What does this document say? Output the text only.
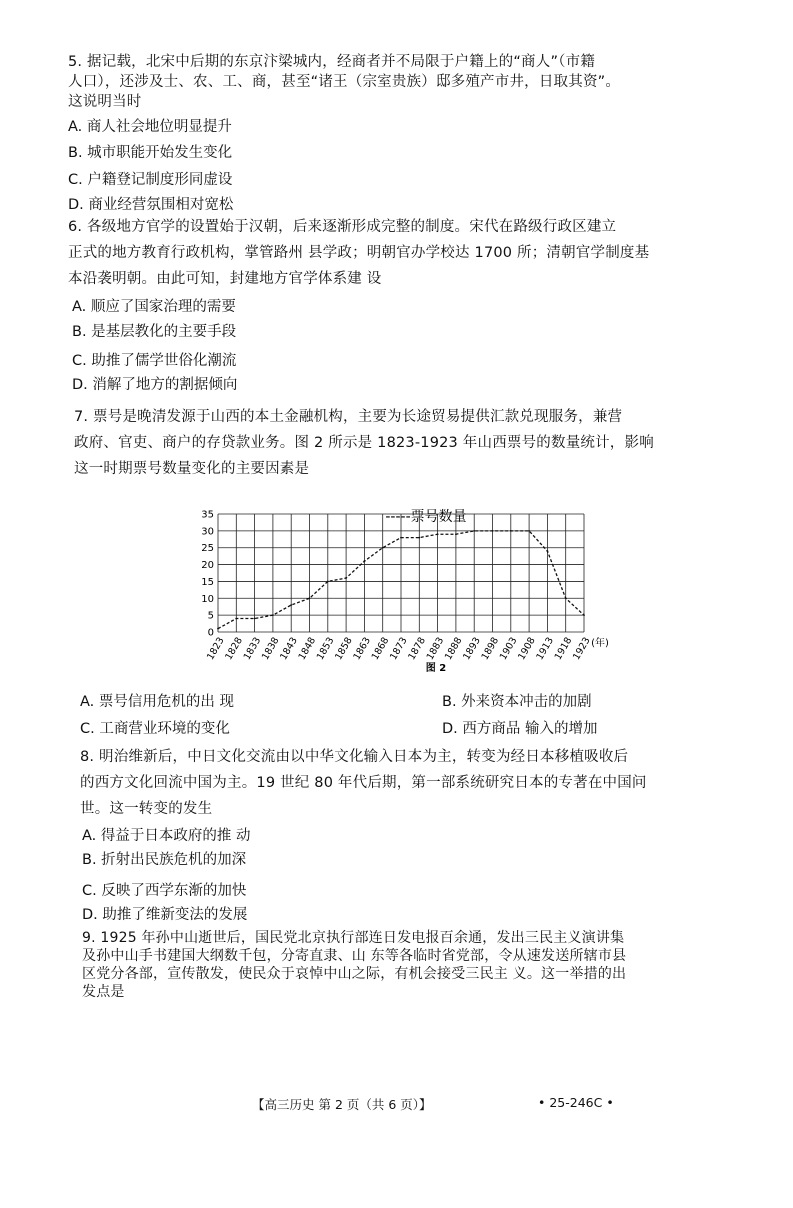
5. 据记载，北宋中后期的东京汴梁城内，经商者并不局限于户籍上的“商人”（市籍
人口），还涉及士、农、工、商，甚至“诸王（宗室贵族）邸多殖产市井，日取其资”。
这说明当时
A. 商人社会地位明显提升
B. 城市职能开始发生变化
C. 户籍登记制度形同虚设
D. 商业经营氛围相对宽松
6. 各级地方官学的设置始于汉朝，后来逐渐形成完整的制度。宋代在路级行政区建立
正式的地方教育行政机构，掌管路州 县学政；明朝官办学校达 1700 所；清朝官学制度基
本沿袭明朝。由此可知，封建地方官学体系建 设
A. 顺应了国家治理的需要
B. 是基层教化的主要手段
C. 助推了儒学世俗化潮流
D. 消解了地方的割据倾向
7. 票号是晚清发源于山西的本土金融机构，主要为长途贸易提供汇款兑现服务，兼营
政府、官吏、商户的存贷款业务。图 2 所示是 1823-1923 年山西票号的数量统计，影响
这一时期票号数量变化的主要因素是
-----票号数量
1823
1828
1833
1838
1843
1848
1853
1858
1863
1868
1873
1878
1883
1888
1893
1898
1903
1908
1913
1918
1923
(年)
0
5
10
15
20
25
30
35
图 2
A. 票号信用危机的出 现	B. 外来资本冲击的加剧
C. 工商营业环境的变化	D. 西方商品 输入的增加
8. 明治维新后，中日文化交流由以中华文化输入日本为主，转变为经日本移植吸收后
的西方文化回流中国为主。19 世纪 80 年代后期，第一部系统研究日本的专著在中国问
世。这一转变的发生
A. 得益于日本政府的推 动
B. 折射出民族危机的加深
C. 反映了西学东渐的加快
D. 助推了维新变法的发展
9. 1925 年孙中山逝世后，国民党北京执行部连日发电报百余通，发出三民主义演讲集
及孙中山手书建国大纲数千包，分寄直隶、山 东等各临时省党部，令从速发送所辖市县
区党分各部，宣传散发，使民众于哀悼中山之际，有机会接受三民主 义。这一举措的出
发点是
【高三历史 第 2 页（共 6 页）】	• 25-246C •
